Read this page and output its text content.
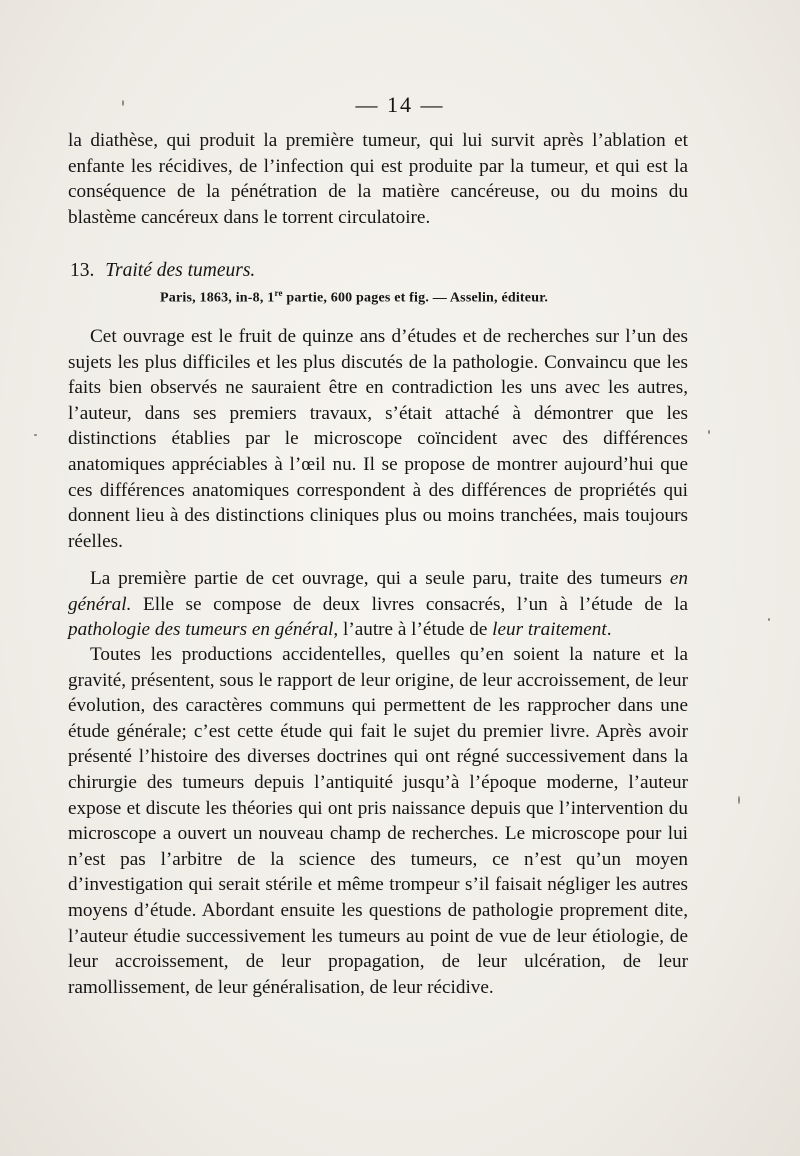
— 14 —

la diathèse, qui produit la première tumeur, qui lui survit après l’ablation et enfante les récidives, de l’infection qui est produite par la tumeur, et qui est la conséquence de la pénétration de la matière cancéreuse, ou du moins du blastème cancéreux dans le torrent circulatoire.

13. Traité des tumeurs.
Paris, 1863, in-8, 1re partie, 600 pages et fig. — Asselin, éditeur.

Cet ouvrage est le fruit de quinze ans d’études et de recherches sur l’un des sujets les plus difficiles et les plus discutés de la pathologie. Convaincu que les faits bien observés ne sauraient être en contradiction les uns avec les autres, l’auteur, dans ses premiers travaux, s’était attaché à démontrer que les distinctions établies par le microscope coïncident avec des différences anatomiques appréciables à l’œil nu. Il se propose de montrer aujourd’hui que ces différences anatomiques correspondent à des différences de propriétés qui donnent lieu à des distinctions cliniques plus ou moins tranchées, mais toujours réelles.

La première partie de cet ouvrage, qui a seule paru, traite des tumeurs en général. Elle se compose de deux livres consacrés, l’un à l’étude de la pathologie des tumeurs en général, l’autre à l’étude de leur traitement.

Toutes les productions accidentelles, quelles qu’en soient la nature et la gravité, présentent, sous le rapport de leur origine, de leur accroissement, de leur évolution, des caractères communs qui permettent de les rapprocher dans une étude générale; c’est cette étude qui fait le sujet du premier livre. Après avoir présenté l’histoire des diverses doctrines qui ont régné successivement dans la chirurgie des tumeurs depuis l’antiquité jusqu’à l’époque moderne, l’auteur expose et discute les théories qui ont pris naissance depuis que l’intervention du microscope a ouvert un nouveau champ de recherches. Le microscope pour lui n’est pas l’arbitre de la science des tumeurs, ce n’est qu’un moyen d’investigation qui serait stérile et même trompeur s’il faisait négliger les autres moyens d’étude. Abordant ensuite les questions de pathologie proprement dite, l’auteur étudie successivement les tumeurs au point de vue de leur étiologie, de leur accroissement, de leur propagation, de leur ulcération, de leur ramollissement, de leur généralisation, de leur récidive.
